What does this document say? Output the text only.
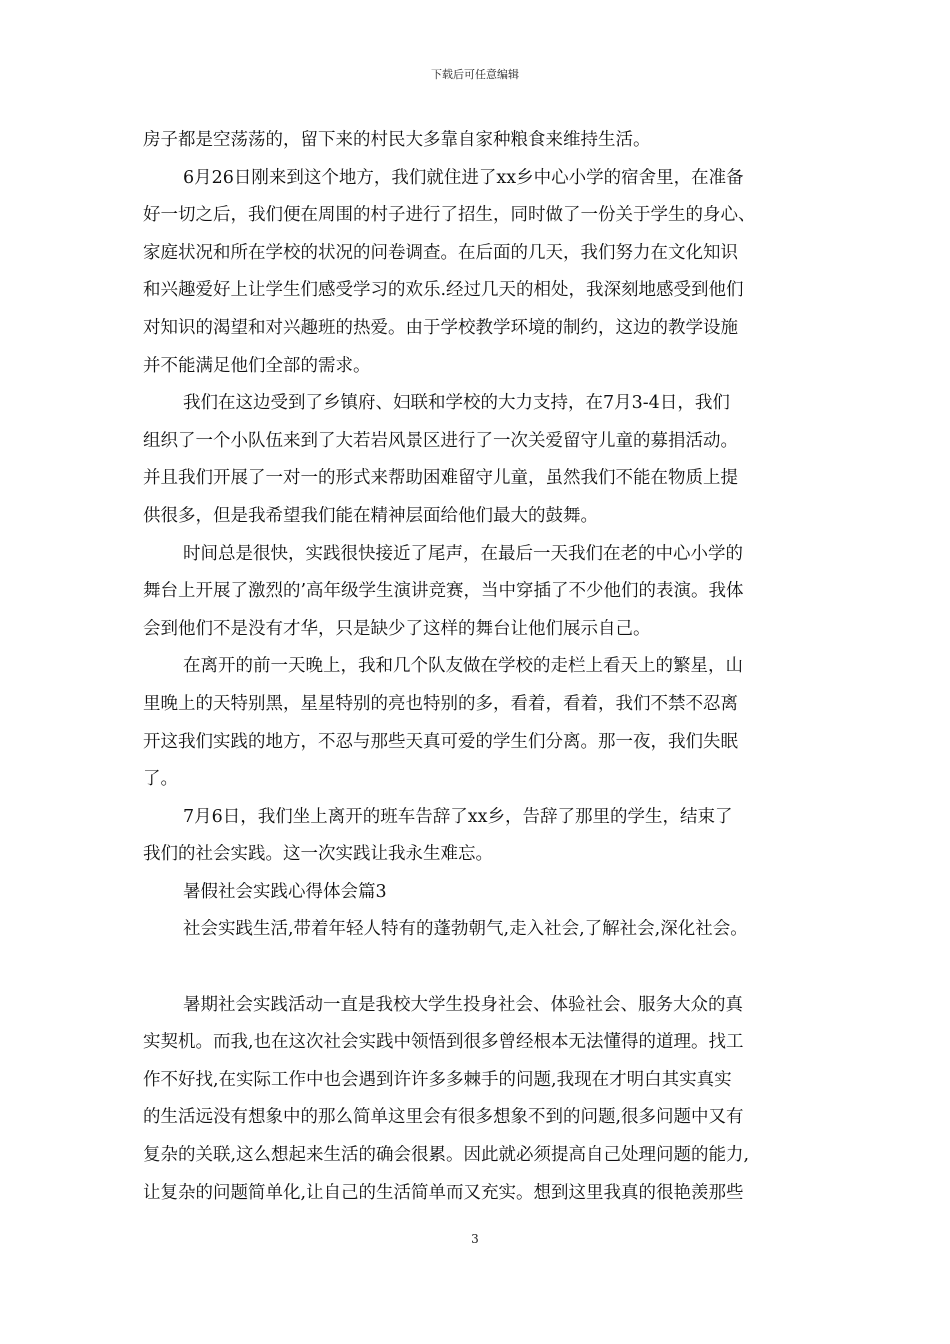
下载后可任意编辑
房子都是空荡荡的，留下来的村民大多靠自家种粮食来维持生活。
6月26日刚来到这个地方，我们就住进了xx乡中心小学的宿舍里，在准备
好一切之后，我们便在周围的村子进行了招生，同时做了一份关于学生的身心、
家庭状况和所在学校的状况的问卷调查。在后面的几天，我们努力在文化知识
和兴趣爱好上让学生们感受学习的欢乐.经过几天的相处，我深刻地感受到他们
对知识的渴望和对兴趣班的热爱。由于学校教学环境的制约，这边的教学设施
并不能满足他们全部的需求。
我们在这边受到了乡镇府、妇联和学校的大力支持，在7月3-4日，我们
组织了一个小队伍来到了大若岩风景区进行了一次关爱留守儿童的募捐活动。
并且我们开展了一对一的形式来帮助困难留守儿童，虽然我们不能在物质上提
供很多，但是我希望我们能在精神层面给他们最大的鼓舞。
时间总是很快，实践很快接近了尾声，在最后一天我们在老的中心小学的
舞台上开展了激烈的’高年级学生演讲竞赛，当中穿插了不少他们的表演。我体
会到他们不是没有才华，只是缺少了这样的舞台让他们展示自己。
在离开的前一天晚上，我和几个队友做在学校的走栏上看天上的繁星，山
里晚上的天特别黑，星星特别的亮也特别的多，看着，看着，我们不禁不忍离
开这我们实践的地方，不忍与那些天真可爱的学生们分离。那一夜，我们失眠
了。
7月6日，我们坐上离开的班车告辞了xx乡，告辞了那里的学生，结束了
我们的社会实践。这一次实践让我永生难忘。
暑假社会实践心得体会篇3
社会实践生活,带着年轻人特有的蓬勃朝气,走入社会,了解社会,深化社会。
暑期社会实践活动一直是我校大学生投身社会、体验社会、服务大众的真
实契机。而我,也在这次社会实践中领悟到很多曾经根本无法懂得的道理。找工
作不好找,在实际工作中也会遇到许许多多棘手的问题,我现在才明白其实真实
的生活远没有想象中的那么简单这里会有很多想象不到的问题,很多问题中又有
复杂的关联,这么想起来生活的确会很累。因此就必须提高自己处理问题的能力,
让复杂的问题简单化,让自己的生活简单而又充实。想到这里我真的很艳羡那些
3
